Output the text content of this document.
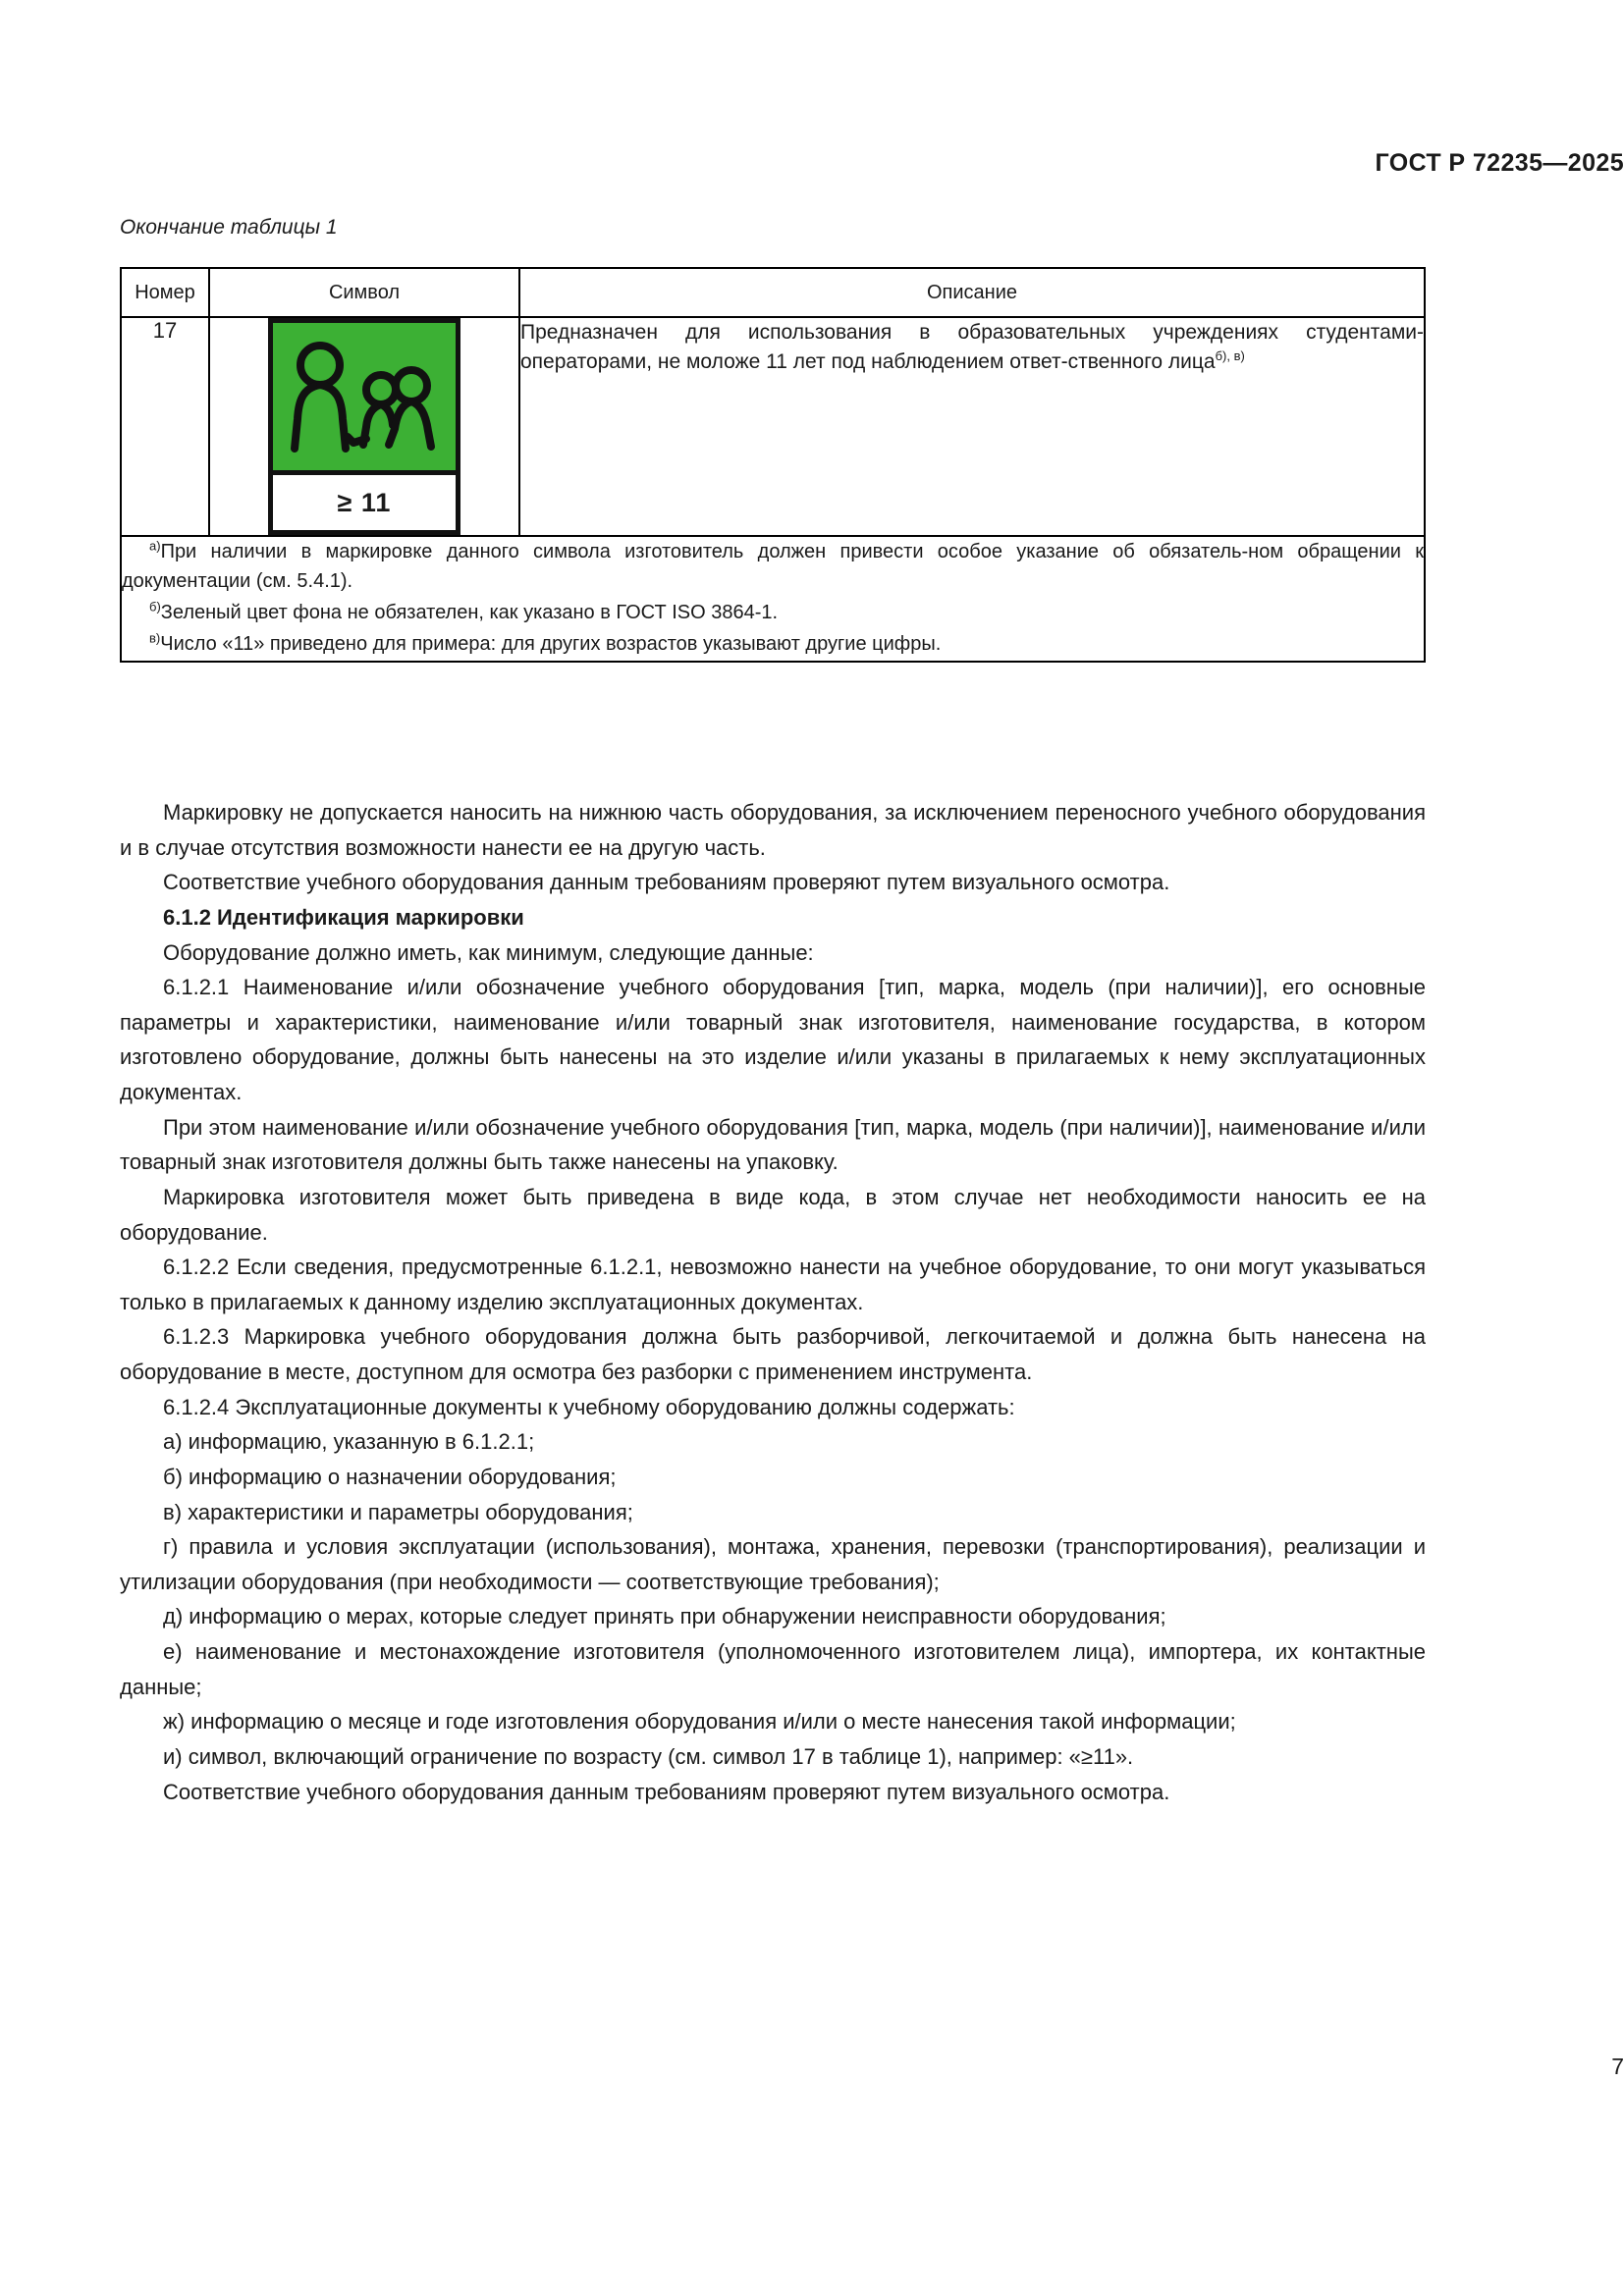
ГОСТ Р 72235—2025
Окончание таблицы 1
Номер	Символ	Описание
17	≥ 11	Предназначен для использования в образовательных учреждениях студентами-операторами, не моложе 11 лет под наблюдением ответ-ственного лица$^{б), в)}$

$^{а)}$При наличии в маркировке данного символа изготовитель должен привести особое указание об обязатель-ном обращении к документации (см. 5.4.1).

$^{б)}$Зеленый цвет фона не обязателен, как указано в ГОСТ ISO 3864-1.

$^{в)}$Число «11» приведено для примера: для других возрастов указывают другие цифры.		

Маркировку не допускается наносить на нижнюю часть оборудования, за исключением переносного учебного оборудования и в случае отсутствия возможности нанести ее на другую часть.

Соответствие учебного оборудования данным требованиям проверяют путем визуального осмотра.

6.1.2 Идентификация маркировки

Оборудование должно иметь, как минимум, следующие данные:

6.1.2.1 Наименование и/или обозначение учебного оборудования [тип, марка, модель (при наличии)], его основные параметры и характеристики, наименование и/или товарный знак изготовителя, наименование государства, в котором изготовлено оборудование, должны быть нанесены на это изделие и/или указаны в прилагаемых к нему эксплуатационных документах.

При этом наименование и/или обозначение учебного оборудования [тип, марка, модель (при наличии)], наименование и/или товарный знак изготовителя должны быть также нанесены на упаковку.

Маркировка изготовителя может быть приведена в виде кода, в этом случае нет необходимости наносить ее на оборудование.

6.1.2.2 Если сведения, предусмотренные 6.1.2.1, невозможно нанести на учебное оборудование, то они могут указываться только в прилагаемых к данному изделию эксплуатационных документах.

6.1.2.3 Маркировка учебного оборудования должна быть разборчивой, легкочитаемой и должна быть нанесена на оборудование в месте, доступном для осмотра без разборки с применением инструмента.

6.1.2.4 Эксплуатационные документы к учебному оборудованию должны содержать:

а) информацию, указанную в 6.1.2.1;

б) информацию о назначении оборудования;

в) характеристики и параметры оборудования;

г) правила и условия эксплуатации (использования), монтажа, хранения, перевозки (транспортирования), реализации и утилизации оборудования (при необходимости — соответствующие требования);

д) информацию о мерах, которые следует принять при обнаружении неисправности оборудования;

е) наименование и местонахождение изготовителя (уполномоченного изготовителем лица), импортера, их контактные данные;

ж) информацию о месяце и годе изготовления оборудования и/или о месте нанесения такой информации;

и) символ, включающий ограничение по возрасту (см. символ 17 в таблице 1), например: «≥11».

Соответствие учебного оборудования данным требованиям проверяют путем визуального осмотра.

7
